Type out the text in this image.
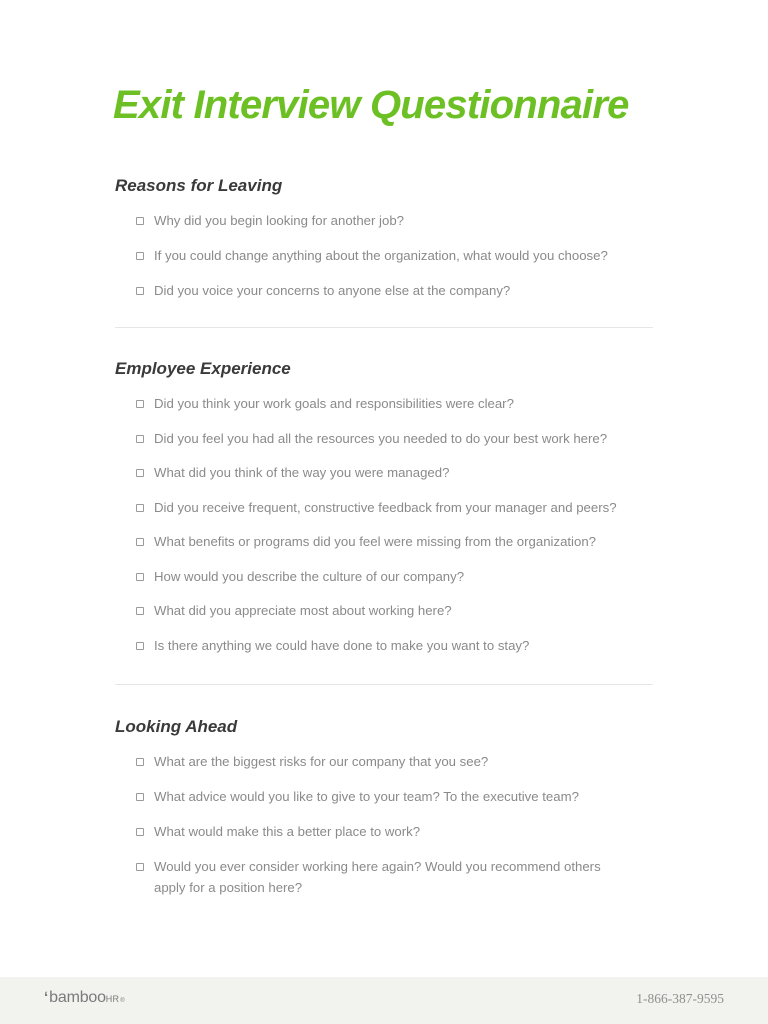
Exit Interview Questionnaire
Reasons for Leaving
Why did you begin looking for another job?
If you could change anything about the organization, what would you choose?
Did you voice your concerns to anyone else at the company?
Employee Experience
Did you think your work goals and responsibilities were clear?
Did you feel you had all the resources you needed to do your best work here?
What did you think of the way you were managed?
Did you receive frequent, constructive feedback from your manager and peers?
What benefits or programs did you feel were missing from the organization?
How would you describe the culture of our company?
What did you appreciate most about working here?
Is there anything we could have done to make you want to stay?
Looking Ahead
What are the biggest risks for our company that you see?
What advice would you like to give to your team? To the executive team?
What would make this a better place to work?
Would you ever consider working here again? Would you recommend others apply for a position here?
ʻ bamboo HR ®	1-866-387-9595
